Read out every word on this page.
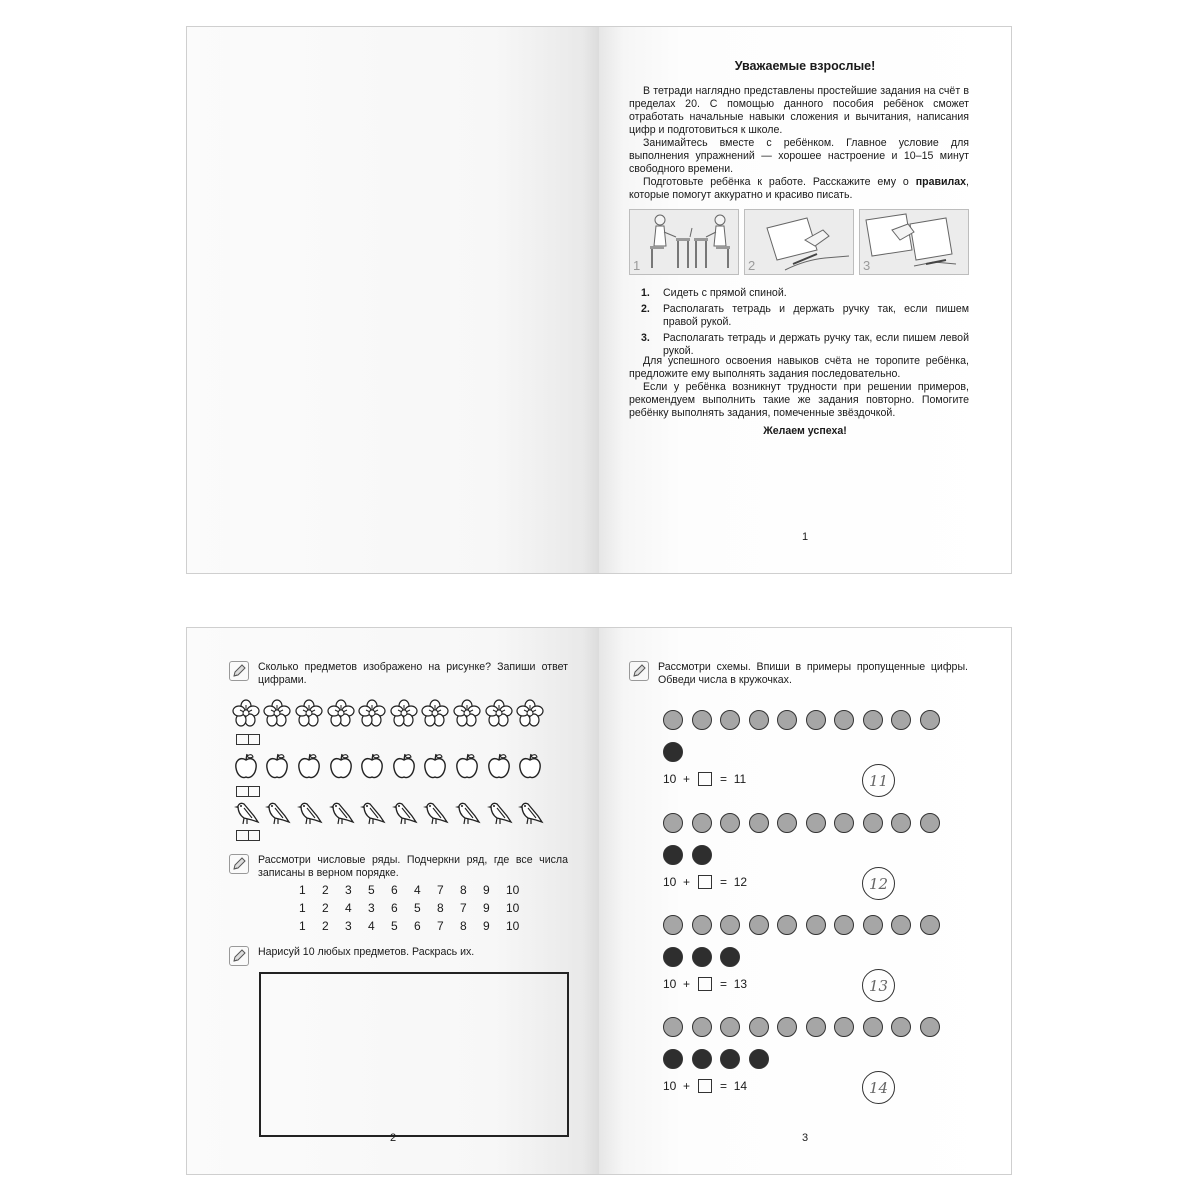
Уважаемые взрослые!

В тетради наглядно представлены простейшие задания на счёт в пределах 20. С помощью данного пособия ребёнок сможет отработать начальные навыки сложения и вычитания, написания цифр и подготовиться к школе.

Занимайтесь вместе с ребёнком. Главное условие для выполнения упражнений — хорошее настроение и 10–15 минут свободного времени.

Подготовьте ребёнка к работе. Расскажите ему о правилах, которые помогут аккуратно и красиво писать.

1	2	3
1.	Сидеть с прямой спиной.
2.	Располагать тетрадь и держать ручку так, если пишем правой рукой.
3.	Располагать тетрадь и держать ручку так, если пишем левой рукой.

Для успешного освоения навыков счёта не торопите ребёнка, предложите ему выполнять задания последовательно.

Если у ребёнка возникнут трудности при решении примеров, рекомендуем выполнить такие же задания повторно. Помогите ребёнку выполнять задания, помеченные звёздочкой.

Желаем успеха!
1
Сколько предметов изображено на рисунке? Запиши ответ цифрами.
Рассмотри числовые ряды. Подчеркни ряд, где все числа записаны в верном порядке.
1	2	3	5	6	4	7	8	9	10
1	2	4	3	6	5	8	7	9	10
1	2	3	4	5	6	7	8	9	10
Нарисуй 10 любых предметов. Раскрась их.
2
Рассмотри схемы. Впиши в примеры пропущенные цифры. Обведи числа в кружочках.
10
+	=
11	11
10
+	=
12	12
10
+	=
13	13
10
+	=
14	14
3
